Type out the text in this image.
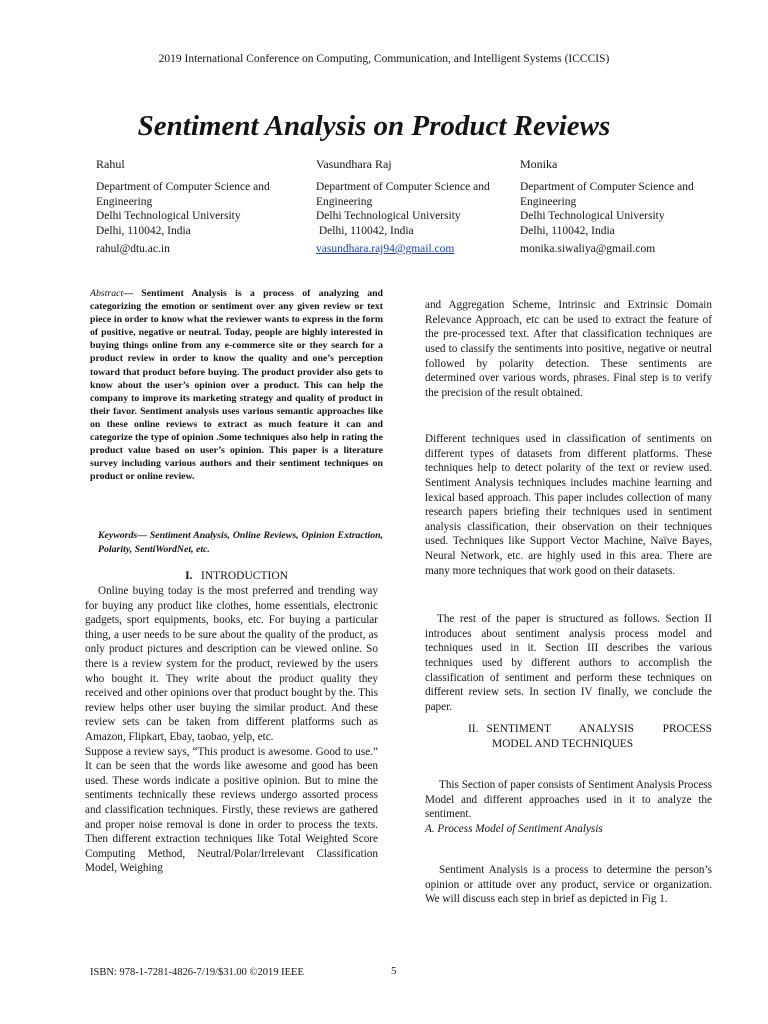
2019 International Conference on Computing, Communication, and Intelligent Systems (ICCCIS)
Sentiment Analysis on Product Reviews
Rahul
Department of Computer Science and
Engineering
Delhi Technological University
Delhi, 110042, India
rahul@dtu.ac.in
Vasundhara Raj
Department of Computer Science and
Engineering
Delhi Technological University
Delhi, 110042, India
vasundhara.raj94@gmail.com
Monika
Department of Computer Science and
Engineering
Delhi Technological University
Delhi, 110042, India
monika.siwaliya@gmail.com
Abstract— Sentiment Analysis is a process of analyzing and categorizing the emotion or sentiment over any given review or text piece in order to know what the reviewer wants to express in the form of positive, negative or neutral. Today, people are highly interested in buying things online from any e-commerce site or they search for a product review in order to know the quality and one’s perception toward that product before buying. The product provider also gets to know about the user’s opinion over a product. This can help the company to improve its marketing strategy and quality of product in their favor. Sentiment analysis uses various semantic approaches like on these online reviews to extract as much feature it can and categorize the type of opinion .Some techniques also help in rating the product value based on user’s opinion. This paper is a literature survey including various authors and their sentiment techniques on product or online review.
Keywords— Sentiment Analysis, Online Reviews, Opinion Extraction, Polarity, SentiWordNet, etc.
I. INTRODUCTION

Online buying today is the most preferred and trending way for buying any product like clothes, home essentials, electronic gadgets, sport equipments, books, etc. For buying a particular thing, a user needs to be sure about the quality of the product, as only product pictures and description can be viewed online. So there is a review system for the product, reviewed by the users who bought it. They write about the product quality they received and other opinions over that product bought by the. This review helps other user buying the similar product. And these review sets can be taken from different platforms such as Amazon, Flipkart, Ebay, taobao, yelp, etc.

Suppose a review says, “This product is awesome. Good to use.” It can be seen that the words like awesome and good has been used. These words indicate a positive opinion. But to mine the sentiments technically these reviews undergo assorted process and classification techniques. Firstly, these reviews are gathered and proper noise removal is done in order to process the texts. Then different extraction techniques like Total Weighted Score Computing Method, Neutral/Polar/Irrelevant Classification Model, Weighing

and Aggregation Scheme, Intrinsic and Extrinsic Domain Relevance Approach, etc can be used to extract the feature of the pre-processed text. After that classification techniques are used to classify the sentiments into positive, negative or neutral followed by polarity detection. These sentiments are determined over various words, phrases. Final step is to verify the precision of the result obtained.

Different techniques used in classification of sentiments on different types of datasets from different platforms. These techniques help to detect polarity of the text or review used. Sentiment Analysis techniques includes machine learning and lexical based approach. This paper includes collection of many research papers briefing their techniques used in sentiment analysis classification, their observation on their techniques used. Techniques like Support Vector Machine, Naïve Bayes, Neural Network, etc. are highly used in this area. There are many more techniques that work good on their datasets.

The rest of the paper is structured as follows. Section II introduces about sentiment analysis process model and techniques used in it. Section III describes the various techniques used by different authors to accomplish the classification of sentiment and perform these techniques on different review sets. In section IV finally, we conclude the paper.

II. SENTIMENT ANALYSIS PROCESS
MODEL AND TECHNIQUES

This Section of paper consists of Sentiment Analysis Process Model and different approaches used in it to analyze the sentiment.

A. Process Model of Sentiment Analysis

Sentiment Analysis is a process to determine the person’s opinion or attitude over any product, service or organization. We will discuss each step in brief as depicted in Fig 1.

ISBN: 978-1-7281-4826-7/19/$31.00 ©2019 IEEE	5
